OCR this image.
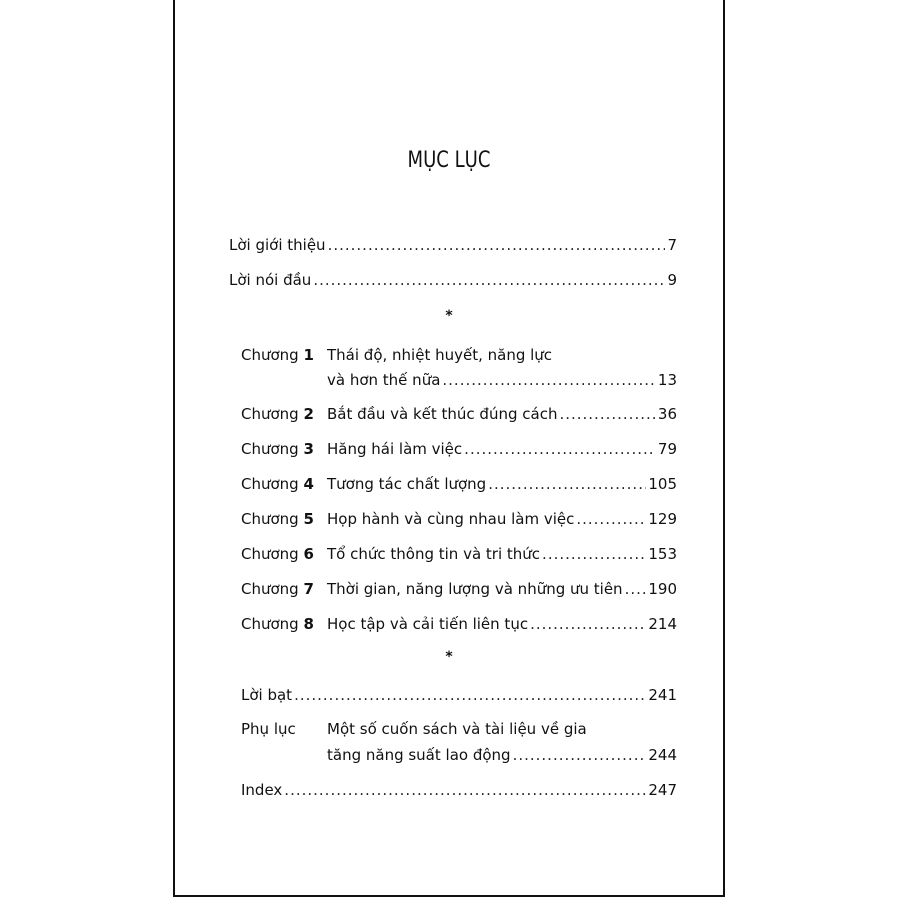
MỤC LỤC
Lời giới thiệu .....	7
Lời nói đầu .....	9
*
Chương 1 Thái độ, nhiệt huyết, năng lực
và hơn thế nữa .....	13
Chương 2 Bắt đầu và kết thúc đúng cách .....	36
Chương 3 Hăng hái làm việc .....	79
Chương 4 Tương tác chất lượng .....	105
Chương 5 Họp hành và cùng nhau làm việc .....	129
Chương 6 Tổ chức thông tin và tri thức .....	153
Chương 7 Thời gian, năng lượng và những ưu tiên ..... 190
Chương 8 Học tập và cải tiến liên tục .....	214
*
Lời bạt .....	241
Phụ lục Một số cuốn sách và tài liệu về gia
tăng năng suất lao động .....	244
Index .....	247
